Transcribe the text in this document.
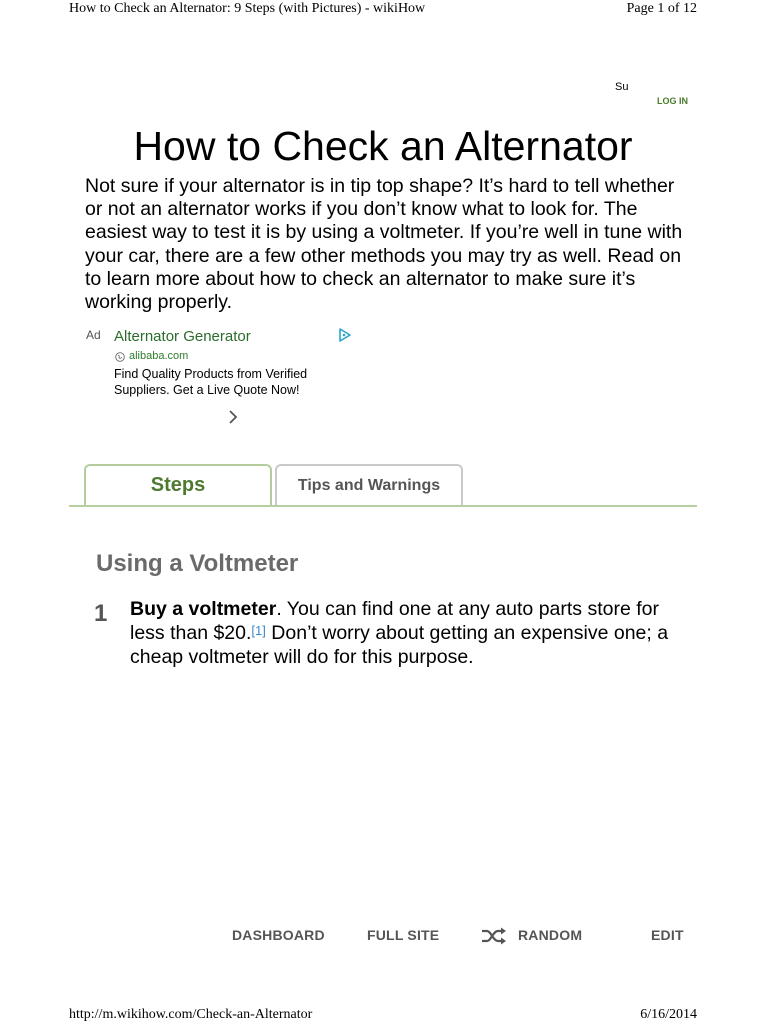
How to Check an Alternator: 9 Steps (with Pictures) - wikiHow	Page 1 of 12
Su
LOG IN
How to Check an Alternator

Not sure if your alternator is in tip top shape? It’s hard to tell whether or not an alternator works if you don’t know what to look for. The easiest way to test it is by using a voltmeter. If you’re well in tune with your car, there are a few other methods you may try as well. Read on to learn more about how to check an alternator to make sure it’s working properly.

Ad Alternator Generator
alibaba.com

Find Quality Products from Verified Suppliers. Get a Live Quote Now!

Steps	Tips and Warnings
Using a Voltmeter
1 Buy a voltmeter. You can find one at any auto parts store for less than $20.[1] Don’t worry about getting an expensive one; a cheap voltmeter will do for this purpose.

DASHBOARD	FULL SITE	RANDOM	EDIT
http://m.wikihow.com/Check-an-Alternator	6/16/2014
